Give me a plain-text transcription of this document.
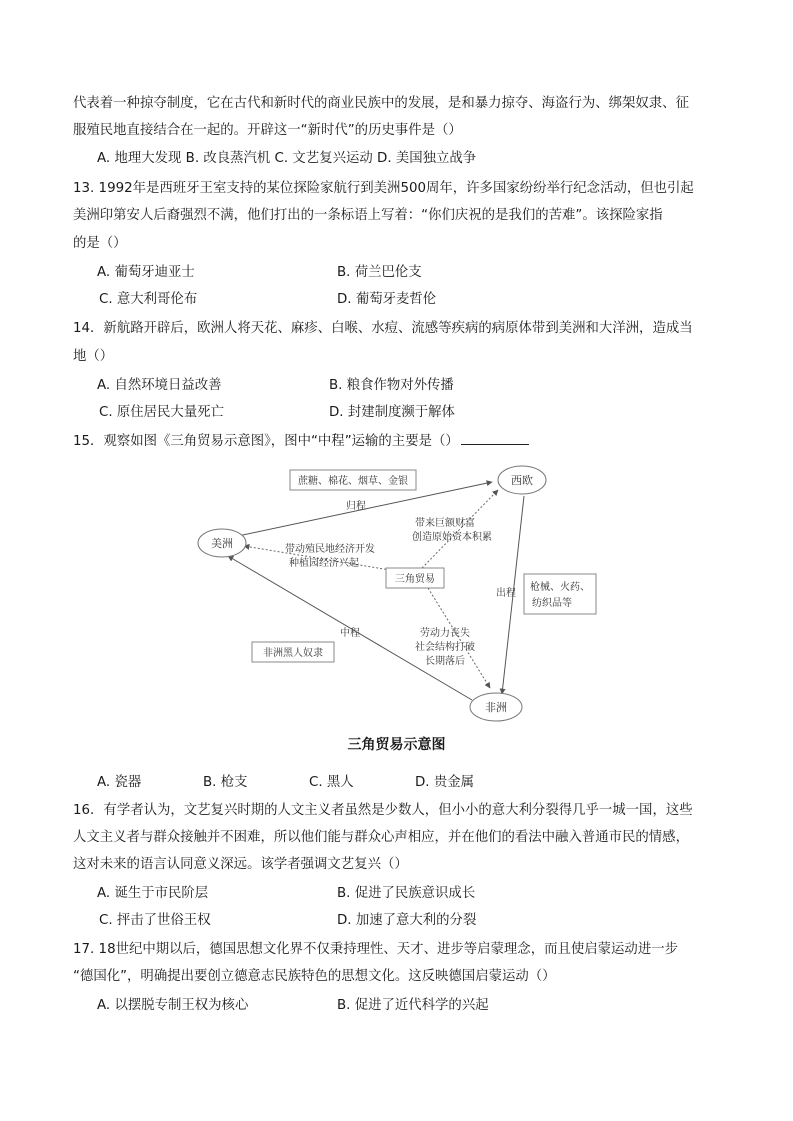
代表着一种掠夺制度，它在古代和新时代的商业民族中的发展，是和暴力掠夺、海盗行为、绑架奴隶、征
服殖民地直接结合在一起的。开辟这一“新时代”的历史事件是（）
A. 地理大发现 B. 改良蒸汽机 C. 文艺复兴运动 D. 美国独立战争
13. 1992年是西班牙王室支持的某位探险家航行到美洲500周年，许多国家纷纷举行纪念活动，但也引起
美洲印第安人后裔强烈不满，他们打出的一条标语上写着：“你们庆祝的是我们的苦难”。该探险家指
的是（）
A. 葡萄牙迪亚士	B. 荷兰巴伦支
C. 意大利哥伦布	D. 葡萄牙麦哲伦
14．新航路开辟后，欧洲人将天花、麻疹、白喉、水痘、流感等疾病的病原体带到美洲和大洋洲，造成当
地（）
A. 自然环境日益改善	B. 粮食作物对外传播
C. 原住居民大量死亡	D. 封建制度濒于解体
15．观察如图《三角贸易示意图》，图中“中程”运输的主要是（）
西欧
美洲
非洲
蔗糖、棉花、烟草、金银
归程
带来巨额财富
创造原始资本积累
带动殖民地经济开发
种植园经济兴起
三角贸易
出程
枪械、火药、
纺织品等
中程
非洲黑人奴隶
劳动力丧失
社会结构打破
长期落后
三角贸易示意图
A. 瓷器	B. 枪支	C. 黑人	D. 贵金属
16．有学者认为，文艺复兴时期的人文主义者虽然是少数人，但小小的意大利分裂得几乎一城一国，这些
人文主义者与群众接触并不困难，所以他们能与群众心声相应，并在他们的看法中融入普通市民的情感，
这对未来的语言认同意义深远。该学者强调文艺复兴（）
A. 诞生于市民阶层	B. 促进了民族意识成长
C. 抨击了世俗王权	D. 加速了意大利的分裂
17. 18世纪中期以后，德国思想文化界不仅秉持理性、天才、进步等启蒙理念，而且使启蒙运动进一步
“德国化”，明确提出要创立德意志民族特色的思想文化。这反映德国启蒙运动（）
A. 以摆脱专制王权为核心	B. 促进了近代科学的兴起
